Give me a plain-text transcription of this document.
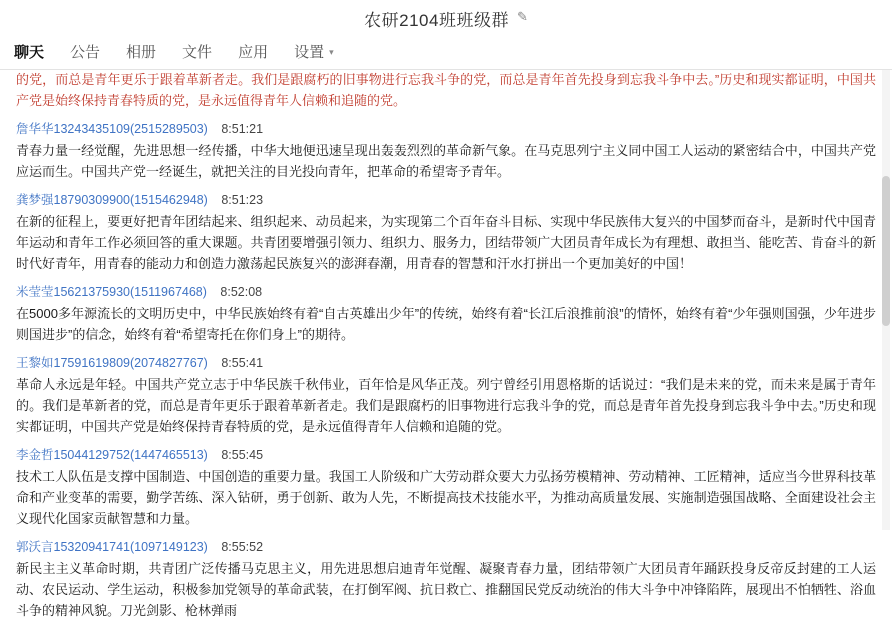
农研2104班班级群 ✎
聊天 公告 相册 文件 应用 设置 ▾
的党，而总是青年更乐于跟着革新者走。我们是跟腐朽的旧事物进行忘我斗争的党，而总是青年首先投身到忘我斗争中去。”历史和现实都证明，中国共产党是始终保持青春特质的党，是永远值得青年人信赖和追随的党。
詹华华13243435109(2515289503) 8:51:21
青春力量一经觉醒，先进思想一经传播，中华大地便迅速呈现出轰轰烈烈的革命新气象。在马克思列宁主义同中国工人运动的紧密结合中，中国共产党应运而生。中国共产党一经诞生，就把关注的目光投向青年，把革命的希望寄予青年。
龚梦强18790309900(1515462948) 8:51:23
在新的征程上，要更好把青年团结起来、组织起来、动员起来，为实现第二个百年奋斗目标、实现中华民族伟大复兴的中国梦而奋斗，是新时代中国青年运动和青年工作必须回答的重大课题。共青团要增强引领力、组织力、服务力，团结带领广大团员青年成长为有理想、敢担当、能吃苦、肯奋斗的新时代好青年，用青春的能动力和创造力激荡起民族复兴的澎湃春潮，用青春的智慧和汗水打拼出一个更加美好的中国！
米莹莹15621375930(1511967468) 8:52:08
在5000多年源流长的文明历史中，中华民族始终有着“自古英雄出少年”的传统，始终有着“长江后浪推前浪”的情怀，始终有着“少年强则国强，少年进步则国进步”的信念，始终有着“希望寄托在你们身上”的期待。
王黎如17591619809(2074827767) 8:55:41
革命人永远是年轻。中国共产党立志于中华民族千秋伟业，百年恰是风华正茂。列宁曾经引用恩格斯的话说过：“我们是未来的党，而未来是属于青年的。我们是革新者的党，而总是青年更乐于跟着革新者走。我们是跟腐朽的旧事物进行忘我斗争的党，而总是青年首先投身到忘我斗争中去。”历史和现实都证明，中国共产党是始终保持青春特质的党，是永远值得青年人信赖和追随的党。
李金哲15044129752(1447465513) 8:55:45
技术工人队伍是支撑中国制造、中国创造的重要力量。我国工人阶级和广大劳动群众要大力弘扬劳模精神、劳动精神、工匠精神，适应当今世界科技革命和产业变革的需要，勤学苦练、深入钻研，勇于创新、敢为人先，不断提高技术技能水平，为推动高质量发展、实施制造强国战略、全面建设社会主义现代化国家贡献智慧和力量。
郭沃言15320941741(1097149123) 8:55:52
新民主主义革命时期，共青团广泛传播马克思主义，用先进思想启迪青年觉醒、凝聚青春力量，团结带领广大团员青年踊跃投身反帝反封建的工人运动、农民运动、学生运动，积极参加党领导的革命武装，在打倒军阀、抗日救亡、推翻国民党反动统治的伟大斗争中冲锋陷阵，展现出不怕牺牲、浴血斗争的精神风貌。刀光剑影、枪林弹雨
